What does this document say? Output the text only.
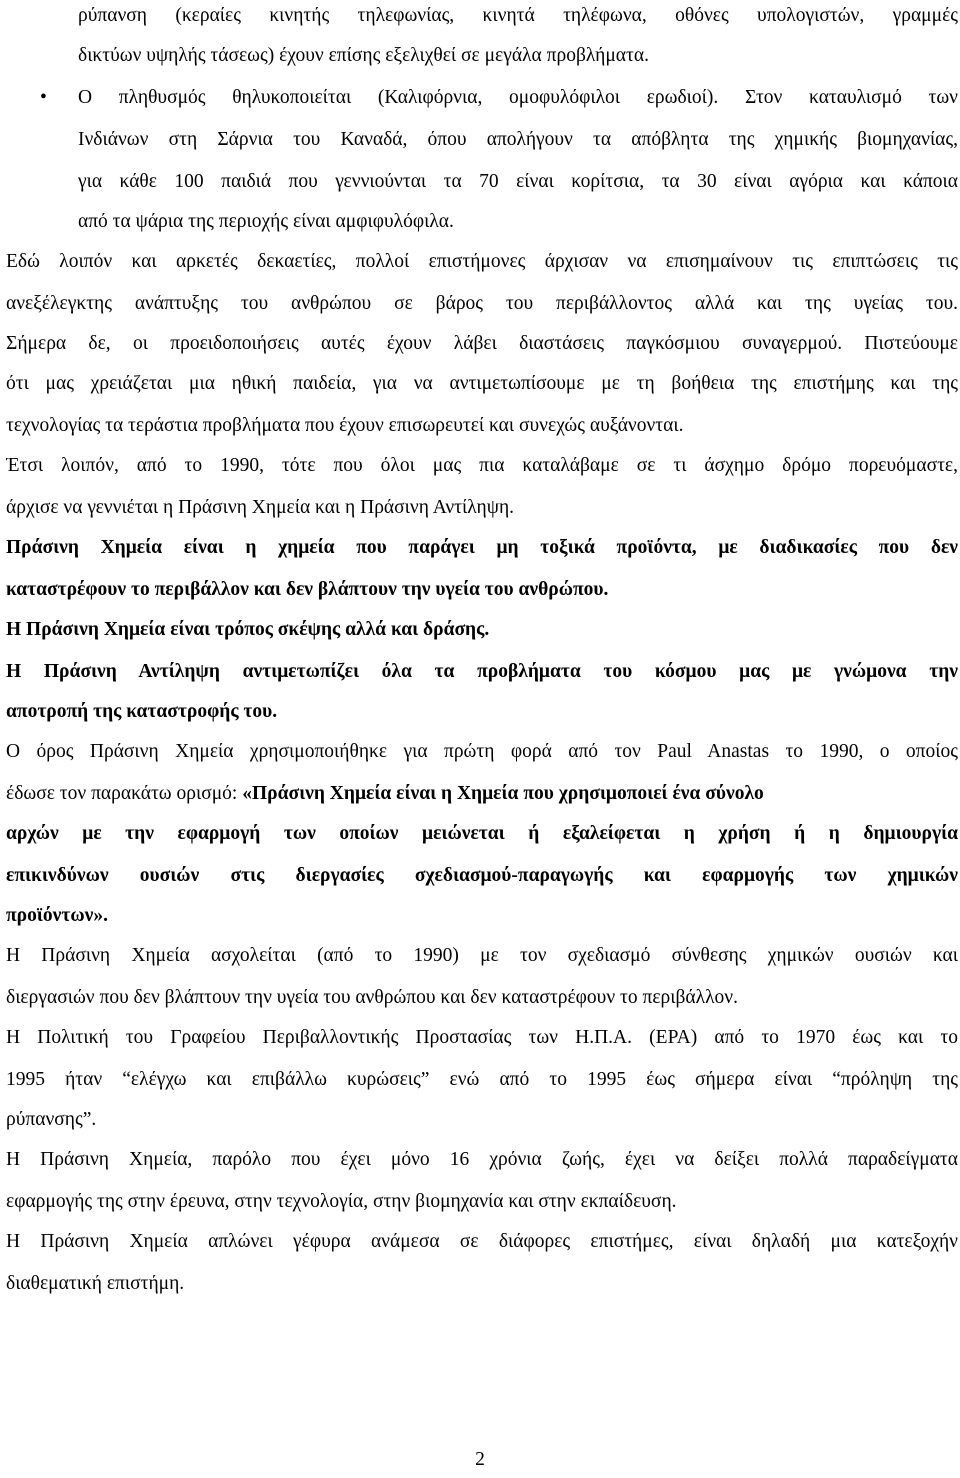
ρύπανση (κεραίες κινητής τηλεφωνίας, κινητά τηλέφωνα, οθόνες υπολογιστών, γραμμές
δικτύων υψηλής τάσεως) έχουν επίσης εξελιχθεί σε μεγάλα προβλήματα.
• Ο πληθυσμός θηλυκοποιείται (Καλιφόρνια, ομοφυλόφιλοι ερωδιοί). Στον καταυλισμό των
Ινδιάνων στη Σάρνια του Καναδά, όπου απολήγουν τα απόβλητα της χημικής βιομηχανίας,
για κάθε 100 παιδιά που γεννιούνται τα 70 είναι κορίτσια, τα 30 είναι αγόρια και κάποια
από τα ψάρια της περιοχής είναι αμφιφυλόφιλα.
Εδώ λοιπόν και αρκετές δεκαετίες, πολλοί επιστήμονες άρχισαν να επισημαίνουν τις επιπτώσεις τις
ανεξέλεγκτης ανάπτυξης του ανθρώπου σε βάρος του περιβάλλοντος αλλά και της υγείας του.
Σήμερα δε, οι προειδοποιήσεις αυτές έχουν λάβει διαστάσεις παγκόσμιου συναγερμού. Πιστεύουμε
ότι μας χρειάζεται μια ηθική παιδεία, για να αντιμετωπίσουμε με τη βοήθεια της επιστήμης και της
τεχνολογίας τα τεράστια προβλήματα που έχουν επισωρευτεί και συνεχώς αυξάνονται.
Έτσι λοιπόν, από το 1990, τότε που όλοι μας πια καταλάβαμε σε τι άσχημο δρόμο πορευόμαστε,
άρχισε να γεννιέται η Πράσινη Χημεία και η Πράσινη Αντίληψη.
Πράσινη Χημεία είναι η χημεία που παράγει μη τοξικά προϊόντα, με διαδικασίες που δεν
καταστρέφουν το περιβάλλον και δεν βλάπτουν την υγεία του ανθρώπου.
Η Πράσινη Χημεία είναι τρόπος σκέψης αλλά και δράσης.
Η Πράσινη Αντίληψη αντιμετωπίζει όλα τα προβλήματα του κόσμου μας με γνώμονα την
αποτροπή της καταστροφής του.
Ο όρος Πράσινη Χημεία χρησιμοποιήθηκε για πρώτη φορά από τον Paul Anastas το 1990, ο οποίος
έδωσε τον παρακάτω ορισμό: «Πράσινη Χημεία είναι η Χημεία που χρησιμοποιεί ένα σύνολο
αρχών με την εφαρμογή των οποίων μειώνεται ή εξαλείφεται η χρήση ή η δημιουργία
επικινδύνων ουσιών στις διεργασίες σχεδιασμού-παραγωγής και εφαρμογής των χημικών
προϊόντων».
Η Πράσινη Χημεία ασχολείται (από το 1990) με τον σχεδιασμό σύνθεσης χημικών ουσιών και
διεργασιών που δεν βλάπτουν την υγεία του ανθρώπου και δεν καταστρέφουν το περιβάλλον.
Η Πολιτική του Γραφείου Περιβαλλοντικής Προστασίας των Η.Π.Α. (EPA) από το 1970 έως και το
1995 ήταν “ελέγχω και επιβάλλω κυρώσεις” ενώ από το 1995 έως σήμερα είναι “πρόληψη της
ρύπανσης”.
Η Πράσινη Χημεία, παρόλο που έχει μόνο 16 χρόνια ζωής, έχει να δείξει πολλά παραδείγματα
εφαρμογής της στην έρευνα, στην τεχνολογία, στην βιομηχανία και στην εκπαίδευση.
Η Πράσινη Χημεία απλώνει γέφυρα ανάμεσα σε διάφορες επιστήμες, είναι δηλαδή μια κατεξοχήν
διαθεματική επιστήμη.
2
